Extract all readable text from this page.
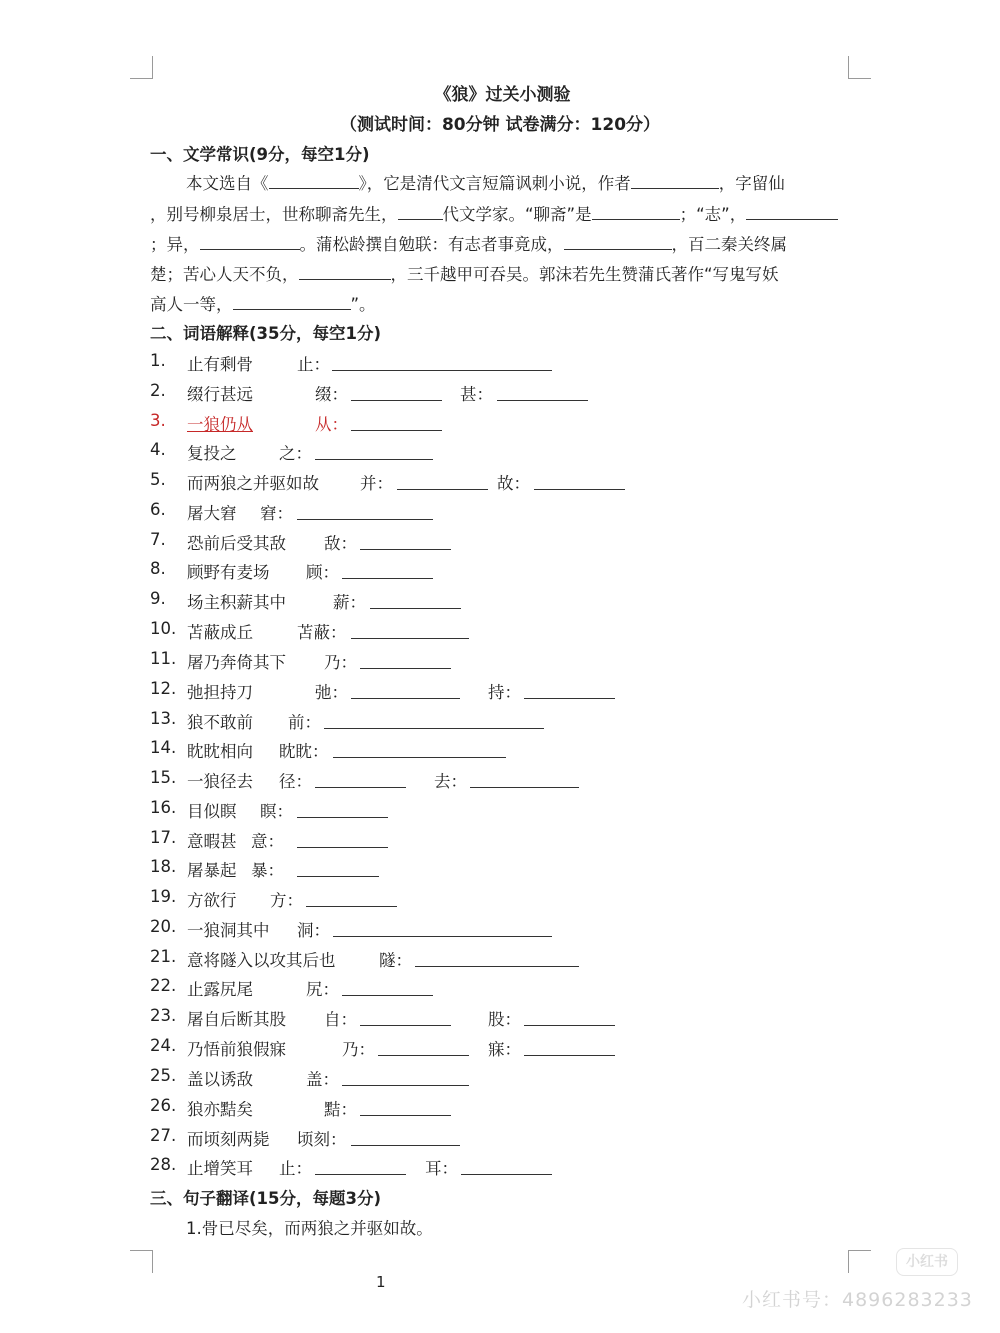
《狼》过关小测验
（测试时间：80分钟 试卷满分：120分）
一、文学常识(9分，每空1分)
本文选自《	》，它是清代文言短篇讽刺小说，作者	，字留仙
，别号柳泉居士，世称聊斋先生，	代文学家。“聊斋”是	；“志”，
；异，	。蒲松龄撰自勉联：有志者事竟成，	，百二秦关终属
楚；苦心人天不负，	，三千越甲可吞吴。郭沫若先生赞蒲氏著作“写鬼写妖
高人一等，	”。
二、词语解释(35分，每空1分)
1. 止有剩骨	止：
2. 缀行甚远	缀：	甚：
3. 一狼仍从	从：
4. 复投之	之：
5. 而两狼之并驱如故 并：	故：
6. 屠大窘 窘：
7. 恐前后受其敌 敌：
8. 顾野有麦场 顾：
9. 场主积薪其中	薪：
10. 苫蔽成丘	苫蔽：
11. 屠乃奔倚其下 乃：
12. 弛担持刀	弛：	持：
13. 狼不敢前 前：
14. 眈眈相向 眈眈：
15. 一狼径去 径：	去：
16. 目似瞑 瞑：
17. 意暇甚 意：
18. 屠暴起 暴：
19. 方欲行 方：
20. 一狼洞其中 洞：
21. 意将隧入以攻其后也	隧：
22. 止露尻尾	尻：
23. 屠自后断其股 自：	股：
24. 乃悟前狼假寐	乃：	寐：
25. 盖以诱敌	盖：
26. 狼亦黠矣	黠：
27. 而顷刻两毙 顷刻：
28. 止增笑耳 止：	耳：
三、句子翻译(15分，每题3分)
1.骨已尽矣，而两狼之并驱如故。
1
小红书
小红书号：4896283233
